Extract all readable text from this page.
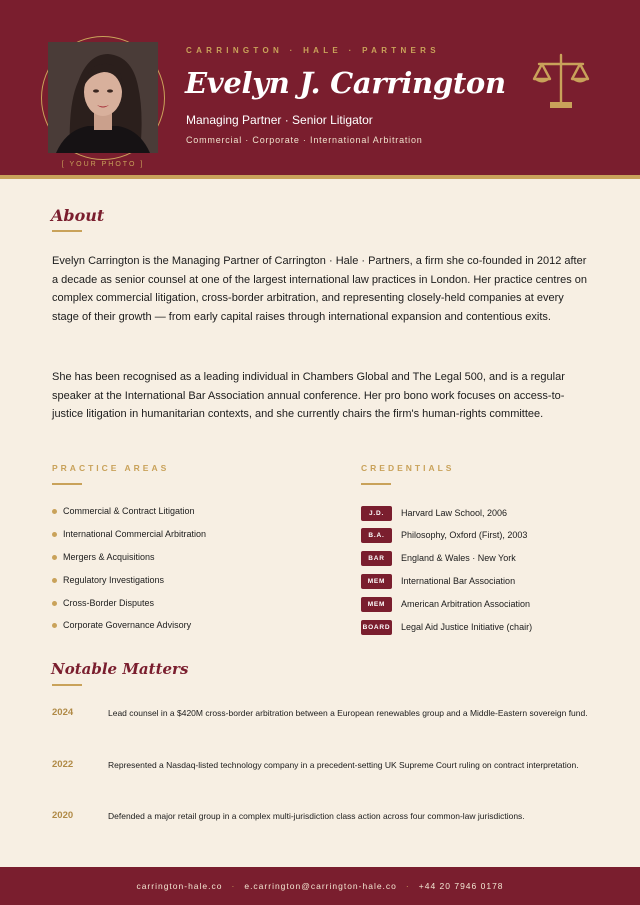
[ YOUR PHOTO ]
CARRINGTON · HALE · PARTNERS
Evelyn J. Carrington
Managing Partner · Senior Litigator
Commercial · Corporate · International Arbitration
About
Evelyn Carrington is the Managing Partner of Carrington · Hale · Partners, a firm she co-founded in 2012 after a decade as senior counsel at one of the largest international law practices in London. Her practice centres on complex commercial litigation, cross-border arbitration, and representing closely-held companies at every stage of their growth — from early capital raises through international expansion and contentious exits.
She has been recognised as a leading individual in Chambers Global and The Legal 500, and is a regular speaker at the International Bar Association annual conference. Her pro bono work focuses on access-to-justice litigation in humanitarian contexts, and she currently chairs the firm's human-rights committee.
PRACTICE AREAS
Commercial & Contract Litigation
International Commercial Arbitration
Mergers & Acquisitions
Regulatory Investigations
Cross-Border Disputes
Corporate Governance Advisory
CREDENTIALS
J.D.	Harvard Law School, 2006
B.A.	Philosophy, Oxford (First), 2003
BAR	England & Wales · New York
MEM	International Bar Association
MEM	American Arbitration Association
BOARD Legal Aid Justice Initiative (chair)
Notable Matters
2024	Lead counsel in a $420M cross-border arbitration between a European renewables group and a Middle-Eastern sovereign fund.
2022	Represented a Nasdaq-listed technology company in a precedent-setting UK Supreme Court ruling on contract interpretation.
2020	Defended a major retail group in a complex multi-jurisdiction class action across four common-law jurisdictions.
carrington-hale.co · e.carrington@carrington-hale.co · +44 20 7946 0178
